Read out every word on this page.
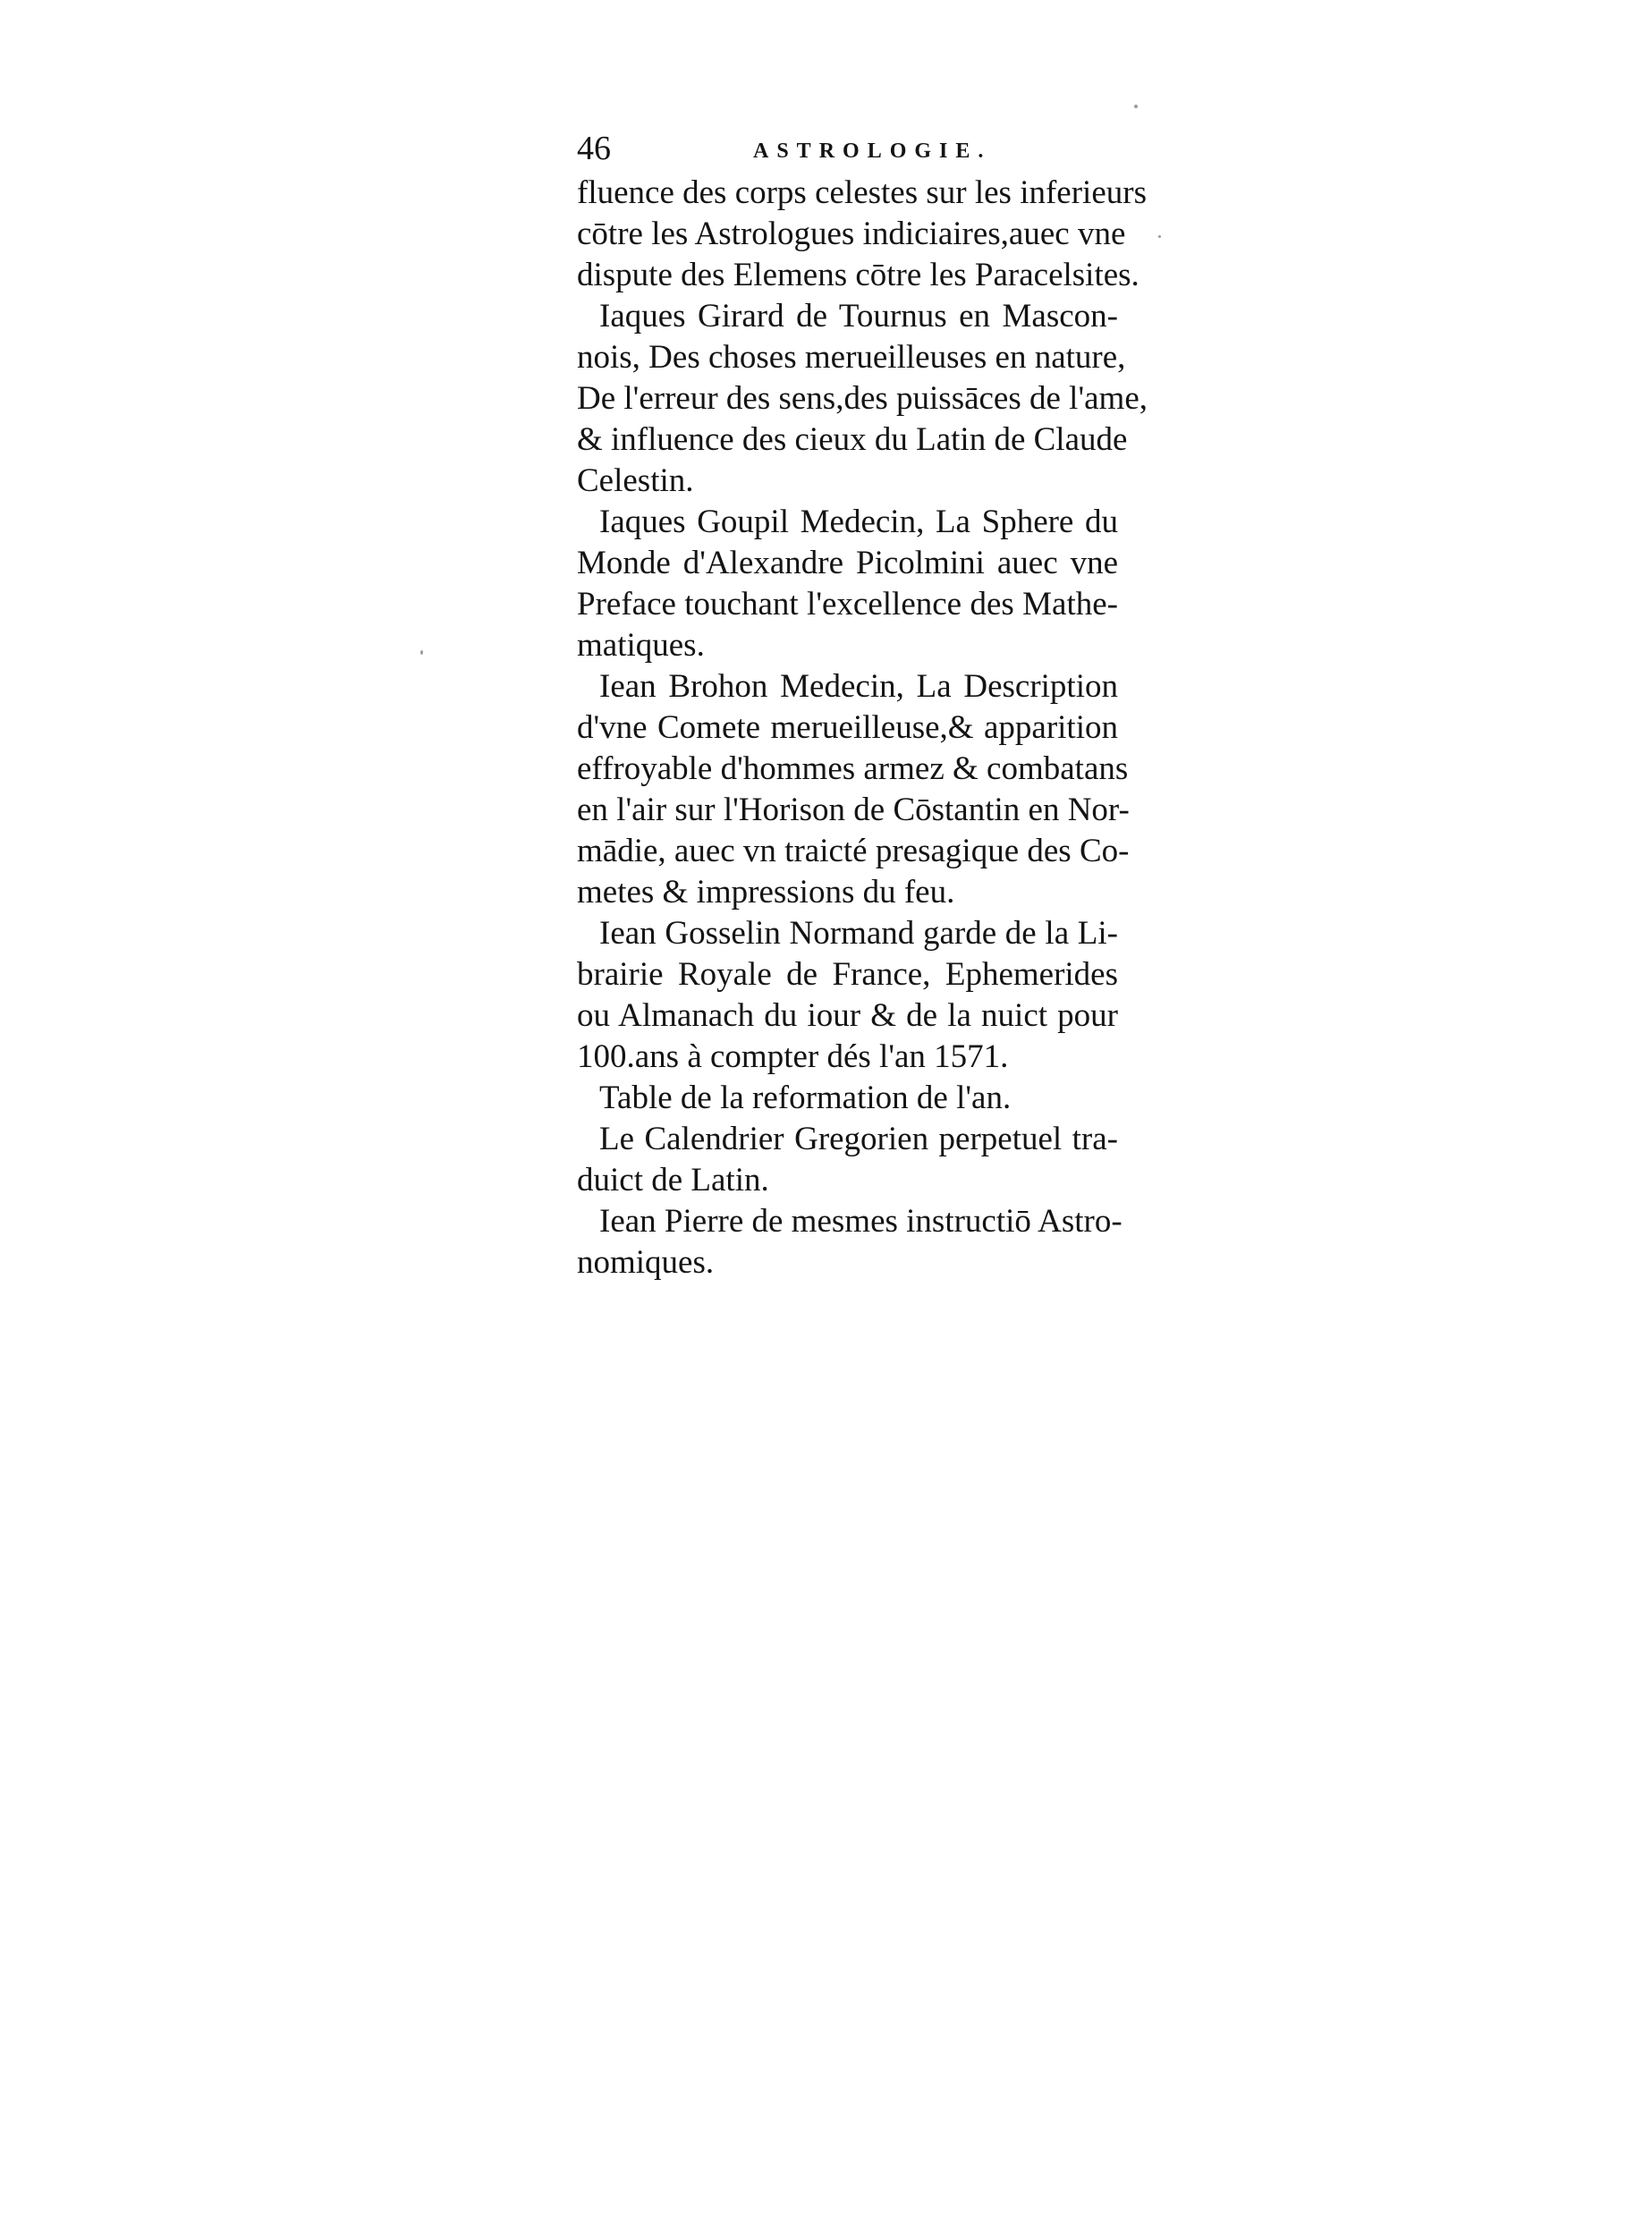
46	ASTROLOGIE.
fluence des corps celestes sur les inferieurs
cōtre les Astrologues indiciaires,auec vne
dispute des Elemens cōtre les Paracelsites.
Iaques Girard de Tournus en Mascon-
nois, Des choses merueilleuses en nature,
De l'erreur des sens,des puissāces de l'ame,
& influence des cieux du Latin de Claude
Celestin.
Iaques Goupil Medecin, La Sphere du
Monde d'Alexandre Picolmini auec vne
Preface touchant l'excellence des Mathe-
matiques.
Iean Brohon Medecin, La Description
d'vne Comete merueilleuse,& apparition
effroyable d'hommes armez & combatans
en l'air sur l'Horison de Cōstantin en Nor-
mādie, auec vn traicté presagique des Co-
metes & impressions du feu.
Iean Gosselin Normand garde de la Li-
brairie Royale de France, Ephemerides
ou Almanach du iour & de la nuict pour
100.ans à compter dés l'an 1571.
Table de la reformation de l'an.
Le Calendrier Gregorien perpetuel tra-
duict de Latin.
Iean Pierre de mesmes instructiō Astro-
nomiques.
